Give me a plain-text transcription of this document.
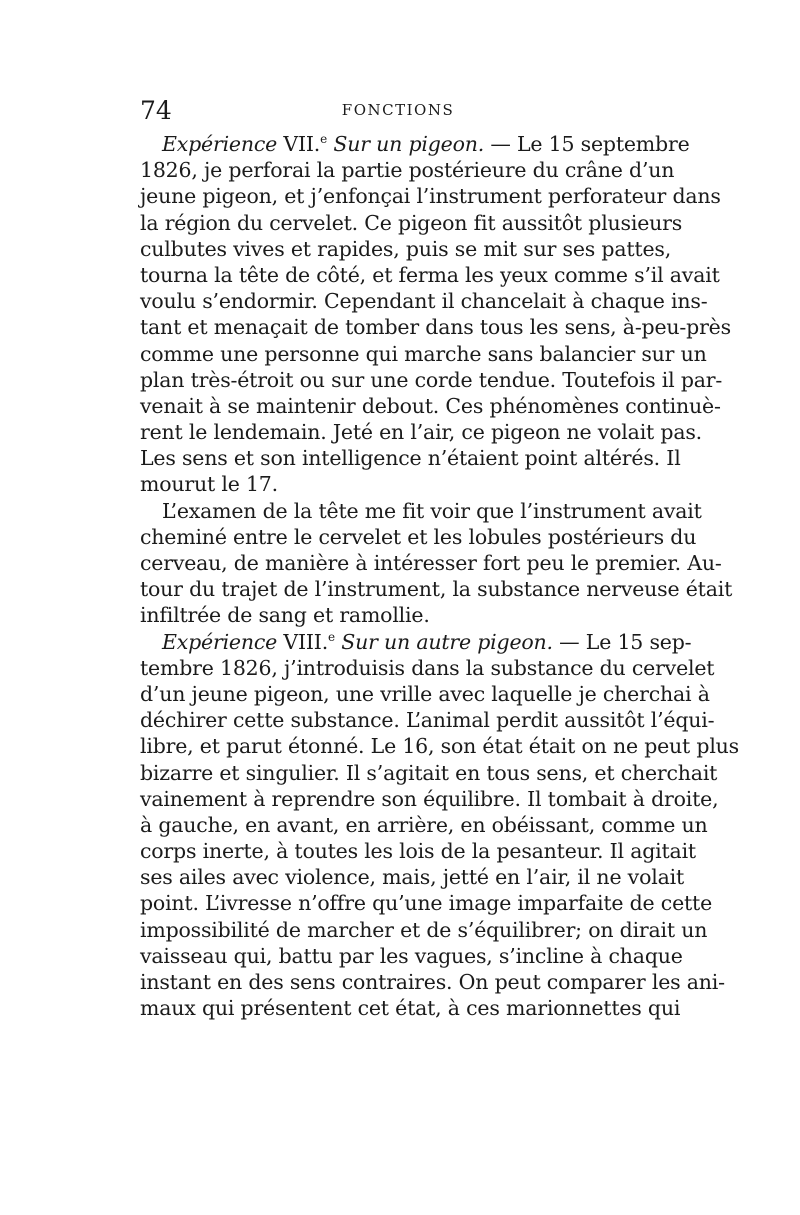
74	FONCTIONS
Expérience VII.$^e$ Sur un pigeon. — Le 15 septembre
1826, je perforai la partie postérieure du crâne d’un
jeune pigeon, et j’enfonçai l’instrument perforateur dans
la région du cervelet. Ce pigeon fit aussitôt plusieurs
culbutes vives et rapides, puis se mit sur ses pattes,
tourna la tête de côté, et ferma les yeux comme s’il avait
voulu s’endormir. Cependant il chancelait à chaque ins-
tant et menaçait de tomber dans tous les sens, à-peu-près
comme une personne qui marche sans balancier sur un
plan très-étroit ou sur une corde tendue. Toutefois il par-
venait à se maintenir debout. Ces phénomènes continuè-
rent le lendemain. Jeté en l’air, ce pigeon ne volait pas.
Les sens et son intelligence n’étaient point altérés. Il
mourut le 17.
L’examen de la tête me fit voir que l’instrument avait
cheminé entre le cervelet et les lobules postérieurs du
cerveau, de manière à intéresser fort peu le premier. Au-
tour du trajet de l’instrument, la substance nerveuse était
infiltrée de sang et ramollie.
Expérience VIII.$^e$ Sur un autre pigeon. — Le 15 sep-
tembre 1826, j’introduisis dans la substance du cervelet
d’un jeune pigeon, une vrille avec laquelle je cherchai à
déchirer cette substance. L’animal perdit aussitôt l’équi-
libre, et parut étonné. Le 16, son état était on ne peut plus
bizarre et singulier. Il s’agitait en tous sens, et cherchait
vainement à reprendre son équilibre. Il tombait à droite,
à gauche, en avant, en arrière, en obéissant, comme un
corps inerte, à toutes les lois de la pesanteur. Il agitait
ses ailes avec violence, mais, jetté en l’air, il ne volait
point. L’ivresse n’offre qu’une image imparfaite de cette
impossibilité de marcher et de s’équilibrer; on dirait un
vaisseau qui, battu par les vagues, s’incline à chaque
instant en des sens contraires. On peut comparer les ani-
maux qui présentent cet état, à ces marionnettes qui
